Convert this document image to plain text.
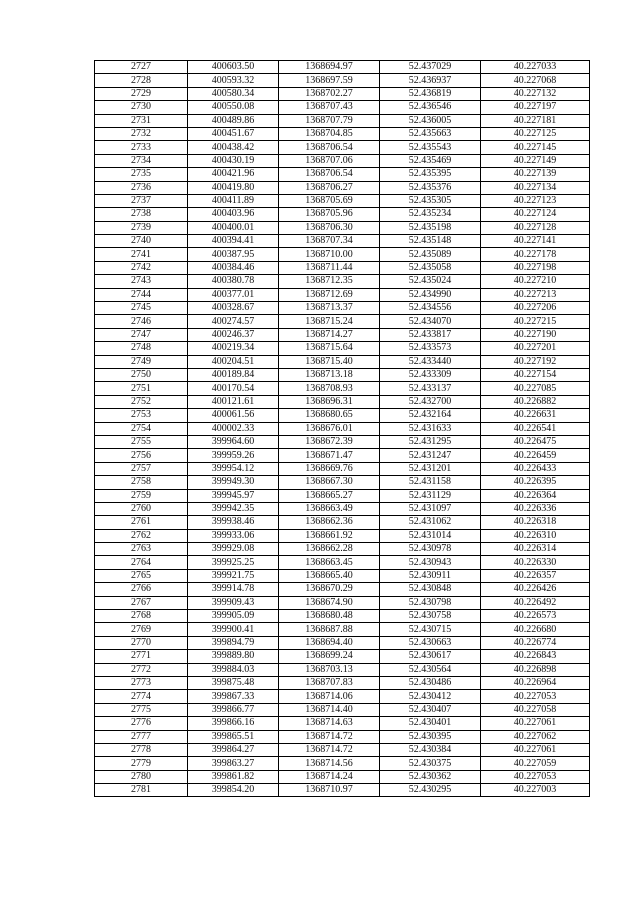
2727	400603.50	1368694.97	52.437029	40.227033
2728	400593.32	1368697.59	52.436937	40.227068
2729	400580.34	1368702.27	52.436819	40.227132
2730	400550.08	1368707.43	52.436546	40.227197
2731	400489.86	1368707.79	52.436005	40.227181
2732	400451.67	1368704.85	52.435663	40.227125
2733	400438.42	1368706.54	52.435543	40.227145
2734	400430.19	1368707.06	52.435469	40.227149
2735	400421.96	1368706.54	52.435395	40.227139
2736	400419.80	1368706.27	52.435376	40.227134
2737	400411.89	1368705.69	52.435305	40.227123
2738	400403.96	1368705.96	52.435234	40.227124
2739	400400.01	1368706.30	52.435198	40.227128
2740	400394.41	1368707.34	52.435148	40.227141
2741	400387.95	1368710.00	52.435089	40.227178
2742	400384.46	1368711.44	52.435058	40.227198
2743	400380.78	1368712.35	52.435024	40.227210
2744	400377.01	1368712.69	52.434990	40.227213
2745	400328.67	1368713.37	52.434556	40.227206
2746	400274.57	1368715.24	52.434070	40.227215
2747	400246.37	1368714.27	52.433817	40.227190
2748	400219.34	1368715.64	52.433573	40.227201
2749	400204.51	1368715.40	52.433440	40.227192
2750	400189.84	1368713.18	52.433309	40.227154
2751	400170.54	1368708.93	52.433137	40.227085
2752	400121.61	1368696.31	52.432700	40.226882
2753	400061.56	1368680.65	52.432164	40.226631
2754	400002.33	1368676.01	52.431633	40.226541
2755	399964.60	1368672.39	52.431295	40.226475
2756	399959.26	1368671.47	52.431247	40.226459
2757	399954.12	1368669.76	52.431201	40.226433
2758	399949.30	1368667.30	52.431158	40.226395
2759	399945.97	1368665.27	52.431129	40.226364
2760	399942.35	1368663.49	52.431097	40.226336
2761	399938.46	1368662.36	52.431062	40.226318
2762	399933.06	1368661.92	52.431014	40.226310
2763	399929.08	1368662.28	52.430978	40.226314
2764	399925.25	1368663.45	52.430943	40.226330
2765	399921.75	1368665.40	52.430911	40.226357
2766	399914.78	1368670.29	52.430848	40.226426
2767	399909.43	1368674.90	52.430798	40.226492
2768	399905.09	1368680.48	52.430758	40.226573
2769	399900.41	1368687.88	52.430715	40.226680
2770	399894.79	1368694.40	52.430663	40.226774
2771	399889.80	1368699.24	52.430617	40.226843
2772	399884.03	1368703.13	52.430564	40.226898
2773	399875.48	1368707.83	52.430486	40.226964
2774	399867.33	1368714.06	52.430412	40.227053
2775	399866.77	1368714.40	52.430407	40.227058
2776	399866.16	1368714.63	52.430401	40.227061
2777	399865.51	1368714.72	52.430395	40.227062
2778	399864.27	1368714.72	52.430384	40.227061
2779	399863.27	1368714.56	52.430375	40.227059
2780	399861.82	1368714.24	52.430362	40.227053
2781	399854.20	1368710.97	52.430295	40.227003
